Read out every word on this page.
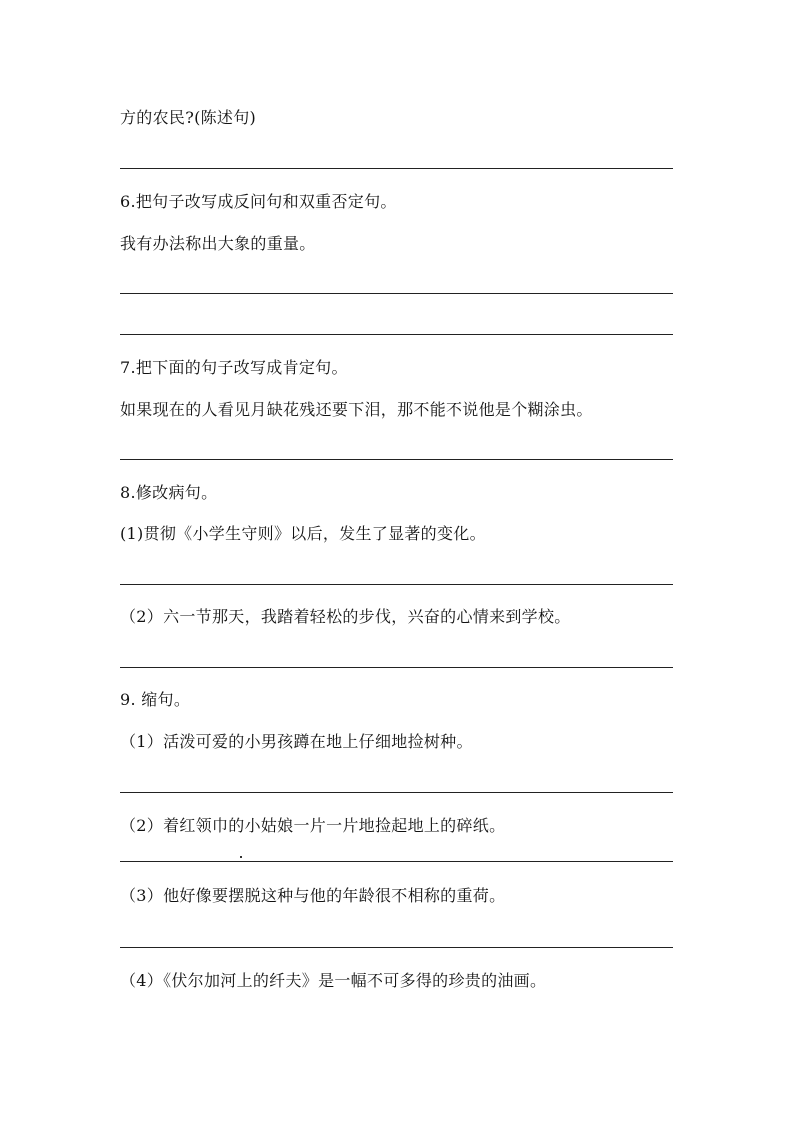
方的农民?(陈述句)
6.把句子改写成反问句和双重否定句。
我有办法称出大象的重量。
7.把下面的句子改写成肯定句。
如果现在的人看见月缺花残还要下泪，那不能不说他是个糊涂虫。
8.修改病句。
(1)贯彻《小学生守则》以后，发生了显著的变化。
（2）六一节那天，我踏着轻松的步伐，兴奋的心情来到学校。
9. 缩句。
（1）活泼可爱的小男孩蹲在地上仔细地捡树种。
（2）着红领巾的小姑娘一片一片地捡起地上的碎纸。
（3）他好像要摆脱这种与他的年龄很不相称的重荷。
（4）《伏尔加河上的纤夫》是一幅不可多得的珍贵的油画。
